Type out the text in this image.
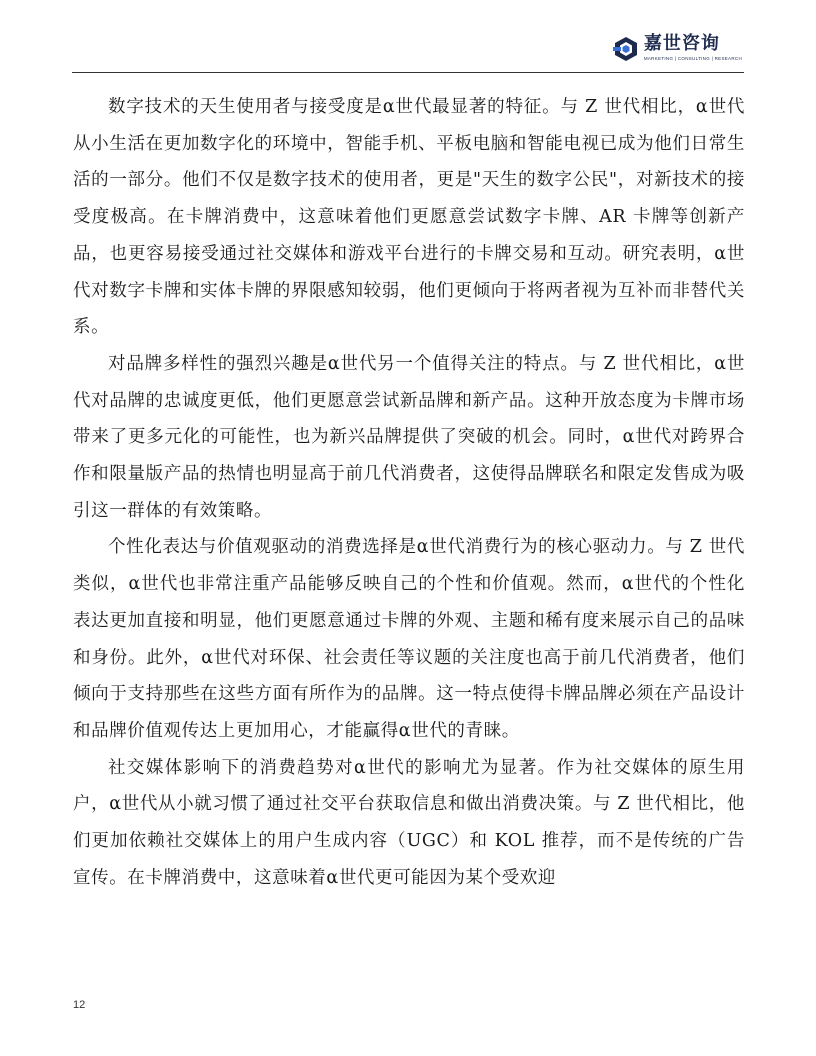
嘉世咨询
MARKETING | CONSULTING | RESEARCH

数字技术的天生使用者与接受度是α世代最显著的特征。与 Z 世代相比，α世代从小生活在更加数字化的环境中，智能手机、平板电脑和智能电视已成为他们日常生活的一部分。他们不仅是数字技术的使用者，更是"天生的数字公民"，对新技术的接受度极高。在卡牌消费中，这意味着他们更愿意尝试数字卡牌、AR 卡牌等创新产品，也更容易接受通过社交媒体和游戏平台进行的卡牌交易和互动。研究表明，α世代对数字卡牌和实体卡牌的界限感知较弱，他们更倾向于将两者视为互补而非替代关系。

对品牌多样性的强烈兴趣是α世代另一个值得关注的特点。与 Z 世代相比，α世代对品牌的忠诚度更低，他们更愿意尝试新品牌和新产品。这种开放态度为卡牌市场带来了更多元化的可能性，也为新兴品牌提供了突破的机会。同时，α世代对跨界合作和限量版产品的热情也明显高于前几代消费者，这使得品牌联名和限定发售成为吸引这一群体的有效策略。

个性化表达与价值观驱动的消费选择是α世代消费行为的核心驱动力。与 Z 世代类似，α世代也非常注重产品能够反映自己的个性和价值观。然而，α世代的个性化表达更加直接和明显，他们更愿意通过卡牌的外观、主题和稀有度来展示自己的品味和身份。此外，α世代对环保、社会责任等议题的关注度也高于前几代消费者，他们倾向于支持那些在这些方面有所作为的品牌。这一特点使得卡牌品牌必须在产品设计和品牌价值观传达上更加用心，才能赢得α世代的青睐。

社交媒体影响下的消费趋势对α世代的影响尤为显著。作为社交媒体的原生用户，α世代从小就习惯了通过社交平台获取信息和做出消费决策。与 Z 世代相比，他们更加依赖社交媒体上的用户生成内容（UGC）和 KOL 推荐，而不是传统的广告宣传。在卡牌消费中，这意味着α世代更可能因为某个受欢迎

12
